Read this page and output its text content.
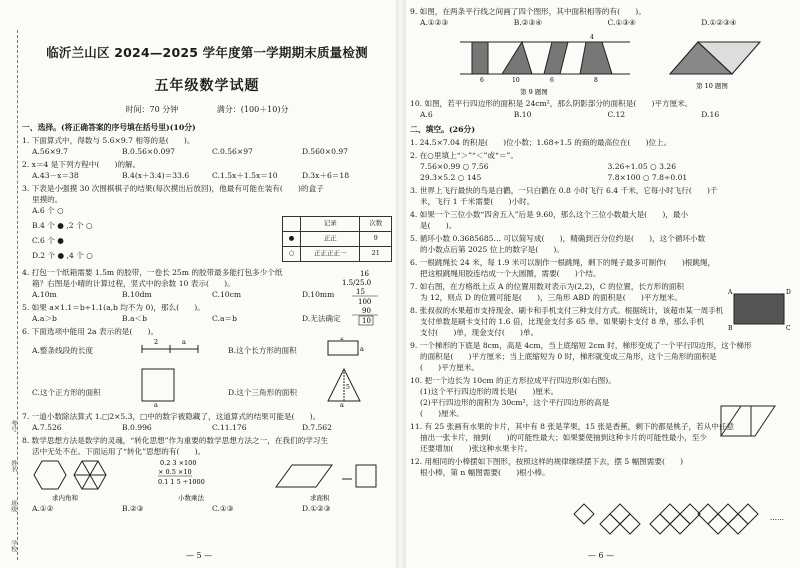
考号
姓名
班级
学校
临沂兰山区 2024—2025 学年度第一学期期末质量检测
五年级数学试题
时间：70 分钟	满分：(100＋10)分
一、选择。(将正确答案的序号填在括号里)(10分)
1. 下面算式中，得数与 5.6×9.7 相等的是(　　)。
A.56×9.7	B.0.56×0.097	C.0.56×97	D.560×0.97
2. x＝4 是下列方程中(　　)的解。
A.43－x＝38	B.4(x＋3.4)＝33.6	C.1.5x＋1.5x＝10	D.3x＋6＝18
3. 下表是小强摸 30 次围棋棋子的结果(每次摸出后放回)，他最有可能在装有(　　)的盒子
里摸的。
A.6 个 ○
B.4 个 ● ,2 个 ○
C.6 个 ●
D.2 个 ● ,4 个 ○
	记录	次数
●	正正	9
○	正正正正一	21
4. 打包一个纸箱需要 1.5m 的胶带，一卷长 25m 的胶带最多能打包多少个纸
箱？右图是小晴的计算过程，竖式中的余数 10 表示(　　)。
A.10m	B.10dm	C.10cm	D.10mm
16
1.5/25.0
15
100
90
10
5. 如果 a×1.1＝b÷1.1(a,b 均不为 0)，那么(　　)。
A.a＞b	B.a＜b	C.a＝b	D.无法确定
6. 下面选项中能用 2a 表示的是(　　)。
A.整条线段的长度
2	a
B.这个长方形的面积	a
2
C.这个正方形的面积
a
D.这个三角形的面积
a
5
7. 一道小数除法算式 1.□2×5.3，□中的数字被隐藏了，这道算式的结果可能是(　　)。
A.7.526	B.0.996	C.11.176	D.7.562
8. 数学思想方法是数学的灵魂，“转化思想”作为重要的数学思想方法之一，在我们的学习生
活中无处不在。下面运用了“转化”思想的有(　　)。
求内角和
0.2 3 ×100
× 0.5 ×10
0.1 1 5 ÷1000
小数乘法	求面积
A.①②	B.②③	C.①③	D.①②③
— 5 —
9. 如图，在两条平行线之间画了四个图形，其中面积相等的有(　　)。
A.①②③	B.②③④	C.①③④	D.①②③④
6	10	6	8
4
第 9 题图
第 10 题图
10. 如图，若平行四边形的面积是 24cm²，那么阴影部分的面积是(　　)平方厘米。
A.6	B.10	C.12	D.16
二、填空。(26分)
1. 24.5×7.04 的积是(　　)位小数；1.68÷1.5 的商的最高位在(　　)位上。
2. 在○里填上“＞”“＜”或“＝”。
7.56×0.99 ○ 7.56	3.26÷1.05 ○ 3.26
29.3×5.2 ○ 145	7.8×100 ○ 7.8÷0.01
3. 世界上飞行最快的鸟是白鹳，一只白鹳在 0.8 小时飞行 6.4 千米，它每小时飞行(　　)千
米，飞行 1 千米需要(　　)小时。
4. 如果一个三位小数“四舍五入”后是 9.60，那么这个三位小数最大是(　　)，最小
是(　　)。
5. 循环小数 0.3685685… 可以简写成(　　)，精确到百分位约是(　　)，这个循环小数
的小数点后第 2025 位上的数字是(　　)。
6. 一根跳绳长 24 米，每 1.9 米可以制作一根跳绳，剩下的绳子最多可制作(　　)根跳绳，
把这根跳绳用胶连结成一个大圆圈，需要(　　)个结。
7. 如右图，在方格纸上点 A 的位置用数对表示为(2,2)，C 的位置，长方形的面积
为 12，则点 D 的位置可能是(　　)，三角形 ABD 的面积是(　　)平方厘米。
A	D
B	C
8. 张叔叔的水果超市支持现金、刷卡和手机支付三种支付方式。根据统计，该超市某一周手机
支付单数是刷卡支付的 1.6 倍，比现金支付多 65 单。如果刷卡支付 8 单，那么手机
支付(　　)单，现金支付(　　)单。
9. 一个梯形的下底是 8cm，高是 4cm，当上底缩短 2cm 时，梯形变成了一个平行四边形，这个梯形
的面积是(　　)平方厘米；当上底缩短为 0 时，梯形就变成三角形，这个三角形的面积是
(　　)平方厘米。
10. 把一个边长为 10cm 的正方形拉成平行四边形(如右图)。
(1)这个平行四边形的周长是(　　)厘米。
(2)平行四边形的面积为 30cm²，这个平行四边形的高是
(　　)厘米。
11. 有 25 张画有水果的卡片，其中有 8 张是苹果，15 张是香蕉，剩下的都是桃子，若从中任意
抽出一张卡片，抽到(　　)的可能性最大；如果要使抽到这种卡片的可能性最小，至少
还要增加(　　)张这种水果卡片。
12. 用相同的小棒摆如下图形，按照这样的规律继续摆下去，摆 5 幅图需要(　　)
根小棒，第 n 幅图需要(　　)根小棒。
……
— 6 —
